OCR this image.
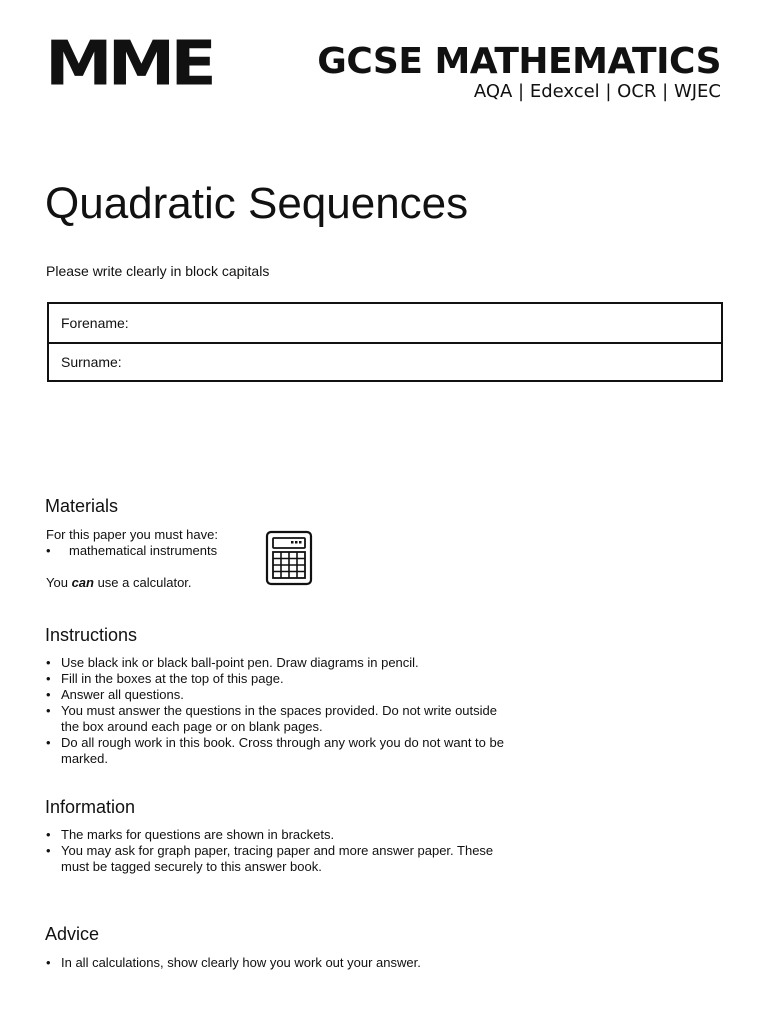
MME	GCSE MATHEMATICS
AQA | Edexcel | OCR | WJEC
Quadratic Sequences
Please write clearly in block capitals
Forename:
Surname:
Materials

For this paper you must have:

• mathematical instruments
You can use a calculator.
Instructions
• Use black ink or black ball-point pen. Draw diagrams in pencil.
• Fill in the boxes at the top of this page.
• Answer all questions.
• You must answer the questions in the spaces provided. Do not write outside the box around each page or on blank pages.
• Do all rough work in this book. Cross through any work you do not want to be marked.
Information
• The marks for questions are shown in brackets.
• You may ask for graph paper, tracing paper and more answer paper. These must be tagged securely to this answer book.
Advice
• In all calculations, show clearly how you work out your answer.
